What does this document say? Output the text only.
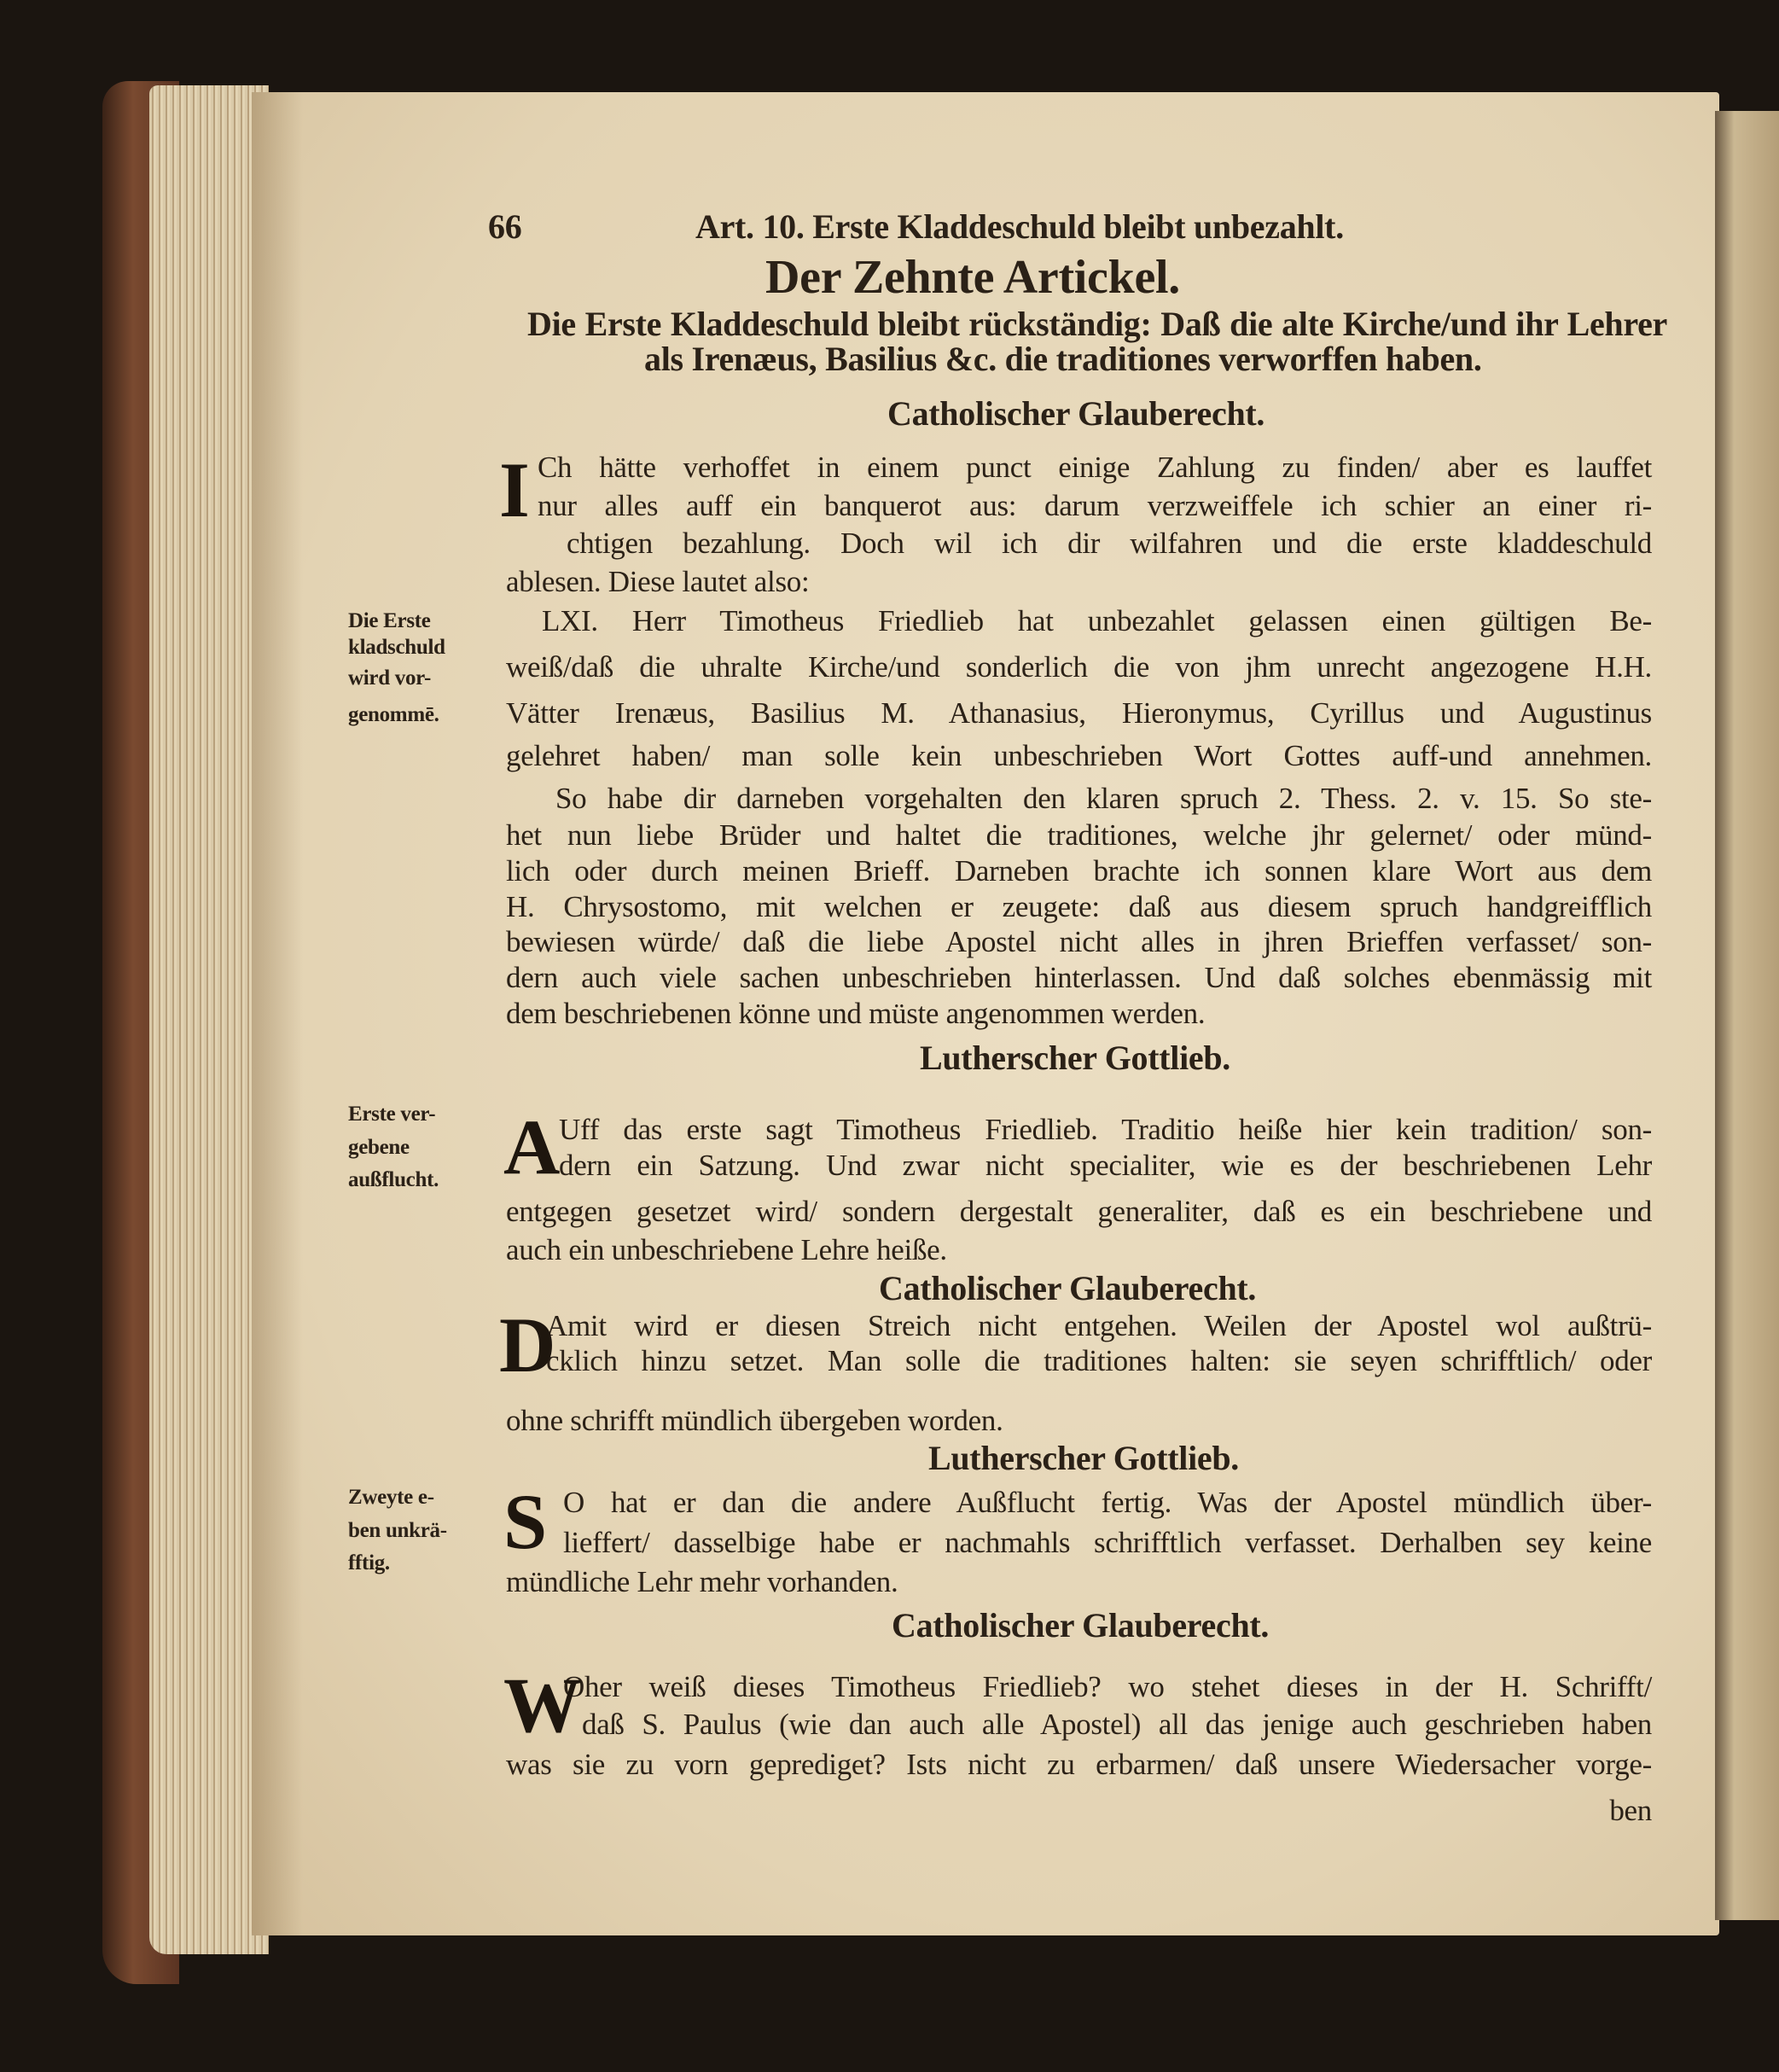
66	Art. 10. Erste Kladdeschuld bleibt unbezahlt.
Der Zehnte Artickel.
Die Erste Kladdeschuld bleibt rückständig: Daß die alte Kirche/und ihr Lehrer
als Irenæus, Basilius &c. die traditiones verworffen haben.
Catholischer Glauberecht.
Ch hätte verhoffet in einem punct einige Zahlung zu finden/ aber es lauffet
nur alles auff ein banquerot aus: darum verzweiffele ich schier an einer ri-
chtigen bezahlung. Doch wil ich dir wilfahren und die erste kladdeschuld
ablesen. Diese lautet also:
LXI. Herr Timotheus Friedlieb hat unbezahlet gelassen einen gültigen Be-
weiß/daß die uhralte Kirche/und sonderlich die von jhm unrecht angezogene H.H.
Vätter Irenæus, Basilius M. Athanasius, Hieronymus, Cyrillus und Augustinus
gelehret haben/ man solle kein unbeschrieben Wort Gottes auff-und annehmen.
So habe dir darneben vorgehalten den klaren spruch 2. Thess. 2. v. 15. So ste-
het nun liebe Brüder und haltet die traditiones, welche jhr gelernet/ oder münd-
lich oder durch meinen Brieff. Darneben brachte ich sonnen klare Wort aus dem
H. Chrysostomo, mit welchen er zeugete: daß aus diesem spruch handgreifflich
bewiesen würde/ daß die liebe Apostel nicht alles in jhren Brieffen verfasset/ son-
dern auch viele sachen unbeschrieben hinterlassen. Und daß solches ebenmässig mit
dem beschriebenen könne und müste angenommen werden.
Lutherscher Gottlieb.
Uff das erste sagt Timotheus Friedlieb. Traditio heiße hier kein tradition/ son-
dern ein Satzung. Und zwar nicht specialiter, wie es der beschriebenen Lehr
entgegen gesetzet wird/ sondern dergestalt generaliter, daß es ein beschriebene und
auch ein unbeschriebene Lehre heiße.
Catholischer Glauberecht.
Amit wird er diesen Streich nicht entgehen. Weilen der Apostel wol außtrü-
cklich hinzu setzet. Man solle die traditiones halten: sie seyen schrifftlich/ oder
ohne schrifft mündlich übergeben worden.
Lutherscher Gottlieb.
O hat er dan die andere Außflucht fertig. Was der Apostel mündlich über-
lieffert/ dasselbige habe er nachmahls schrifftlich verfasset. Derhalben sey keine
mündliche Lehr mehr vorhanden.
Catholischer Glauberecht.
Oher weiß dieses Timotheus Friedlieb? wo stehet dieses in der H. Schrifft/
daß S. Paulus (wie dan auch alle Apostel) all das jenige auch geschrieben haben
was sie zu vorn geprediget? Ists nicht zu erbarmen/ daß unsere Wiedersacher vorge-
ben
Die Erste
kladschuld
wird vor-
genommē.
Erste ver-
gebene
außflucht.
Zweyte e-
ben unkrä-
fftig.
I
A
D
S
W
